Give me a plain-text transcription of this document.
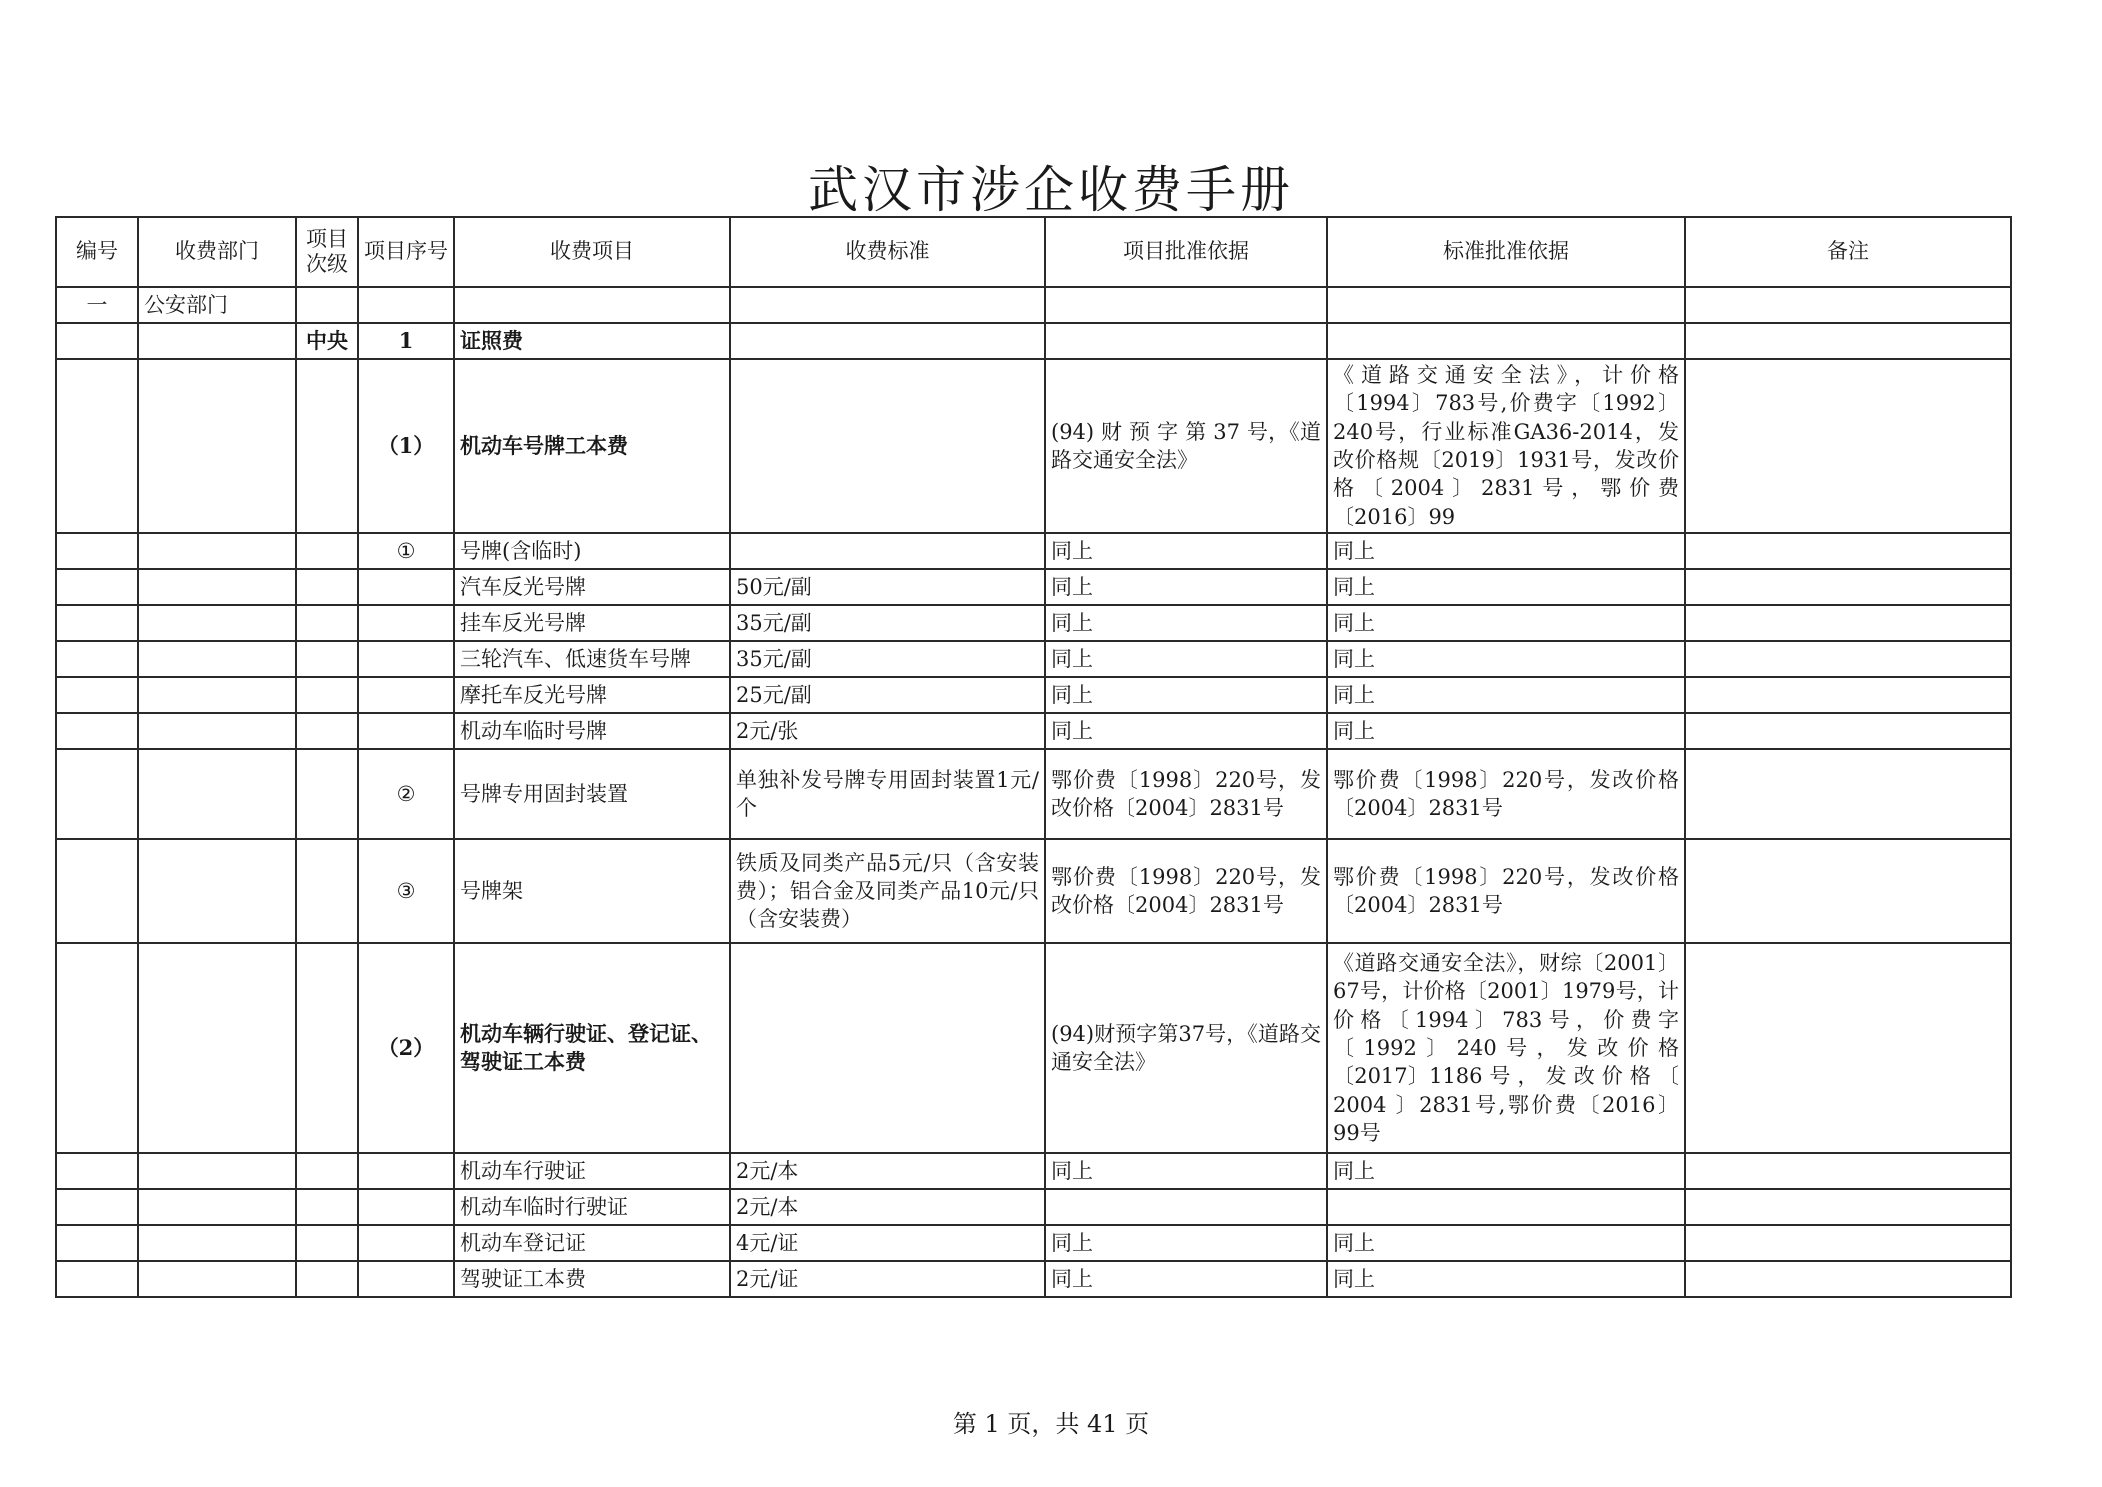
武汉市涉企收费手册
编号	收费部门	项目次级	项目序号	收费项目	收费标准	项目批准依据	标准批准依据	备注
一	公安部门							
		中央	1	证照费				
			（1）	机动车号牌工本费		(94) 财 预 字 第 37 号，《道路交通安全法》	《道路交通安全法》，计价格〔1994〕783号,价费字〔1992〕240号，行业标准GA36-2014，发改价格规〔2019〕1931号，发改价格〔2004〕2831号，鄂价费〔2016〕99	
			①	号牌(含临时)		同上	同上	
				汽车反光号牌	50元/副	同上	同上	
				挂车反光号牌	35元/副	同上	同上	
				三轮汽车、低速货车号牌	35元/副	同上	同上	
				摩托车反光号牌	25元/副	同上	同上	
				机动车临时号牌	2元/张	同上	同上	
			②	号牌专用固封装置	单独补发号牌专用固封装置1元/个	鄂价费〔1998〕220号，发改价格〔2004〕2831号	鄂价费〔1998〕220号，发改价格〔2004〕2831号	
			③	号牌架	铁质及同类产品5元/只（含安装费）；铝合金及同类产品10元/只（含安装费）	鄂价费〔1998〕220号，发改价格〔2004〕2831号	鄂价费〔1998〕220号，发改价格〔2004〕2831号	
			（2）	机动车辆行驶证、登记证、驾驶证工本费		(94)财预字第37号，《道路交通安全法》	《道路交通安全法》，财综〔2001〕67号，计价格〔2001〕1979号，计价格〔1994〕783号，价费字〔1992〕240号，发改价格〔2017〕1186 号 ， 发 改 价 格 〔 2004 〕2831号,鄂价费〔2016〕99号	
				机动车行驶证	2元/本	同上	同上	
				机动车临时行驶证	2元/本			
				机动车登记证	4元/证	同上	同上	
				驾驶证工本费	2元/证	同上	同上	
第 1 页，共 41 页
